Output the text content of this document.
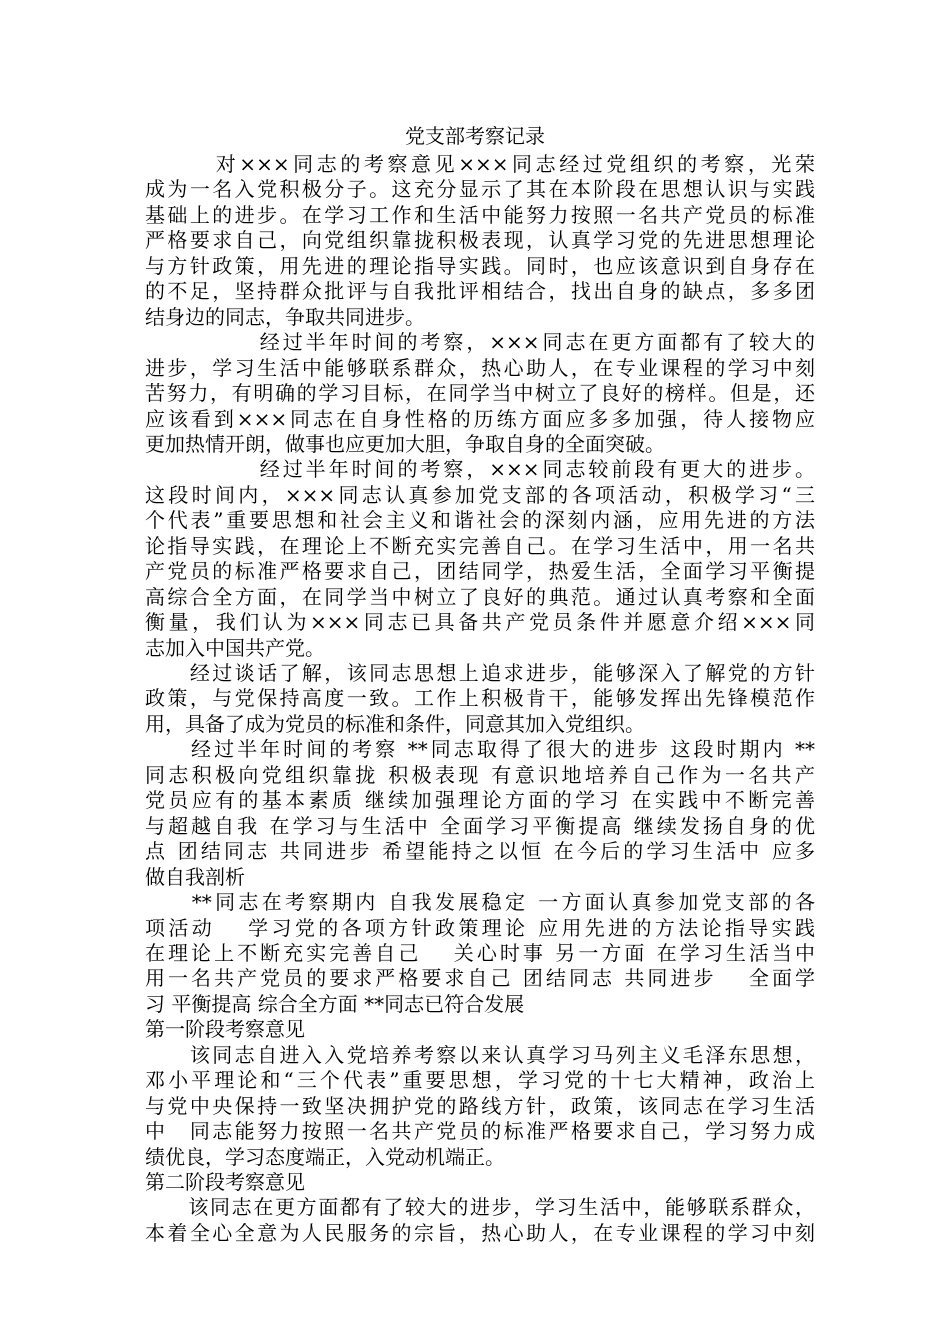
党支部考察记录
　　　对×××同志的考察意见×××同志经过党组织的考察，光荣
成为一名入党积极分子。这充分显示了其在本阶段在思想认识与实践
基础上的进步。在学习工作和生活中能努力按照一名共产党员的标准
严格要求自己，向党组织靠拢积极表现，认真学习党的先进思想理论
与方针政策，用先进的理论指导实践。同时，也应该意识到自身存在
的不足，坚持群众批评与自我批评相结合，找出自身的缺点，多多团
结身边的同志，争取共同进步。
　　　　　经过半年时间的考察，×××同志在更方面都有了较大的
进步，学习生活中能够联系群众，热心助人，在专业课程的学习中刻
苦努力，有明确的学习目标，在同学当中树立了良好的榜样。但是，还
应该看到×××同志在自身性格的历练方面应多多加强，待人接物应
更加热情开朗，做事也应更加大胆，争取自身的全面突破。
　　　　　经过半年时间的考察，×××同志较前段有更大的进步。
这段时间内，×××同志认真参加党支部的各项活动，积极学习“三
个代表”重要思想和社会主义和谐社会的深刻内涵，应用先进的方法
论指导实践，在理论上不断充实完善自己。在学习生活中，用一名共
产党员的标准严格要求自己，团结同学，热爱生活，全面学习平衡提
高综合全方面，在同学当中树立了良好的典范。通过认真考察和全面
衡量，我们认为×××同志已具备共产党员条件并愿意介绍×××同
志加入中国共产党。
　　经过谈话了解，该同志思想上追求进步，能够深入了解党的方针
政策，与党保持高度一致。工作上积极肯干，能够发挥出先锋模范作
用，具备了成为党员的标准和条件，同意其加入党组织。
　　经过半年时间的考察 **同志取得了很大的进步 这段时期内 **
同志积极向党组织靠拢 积极表现 有意识地培养自己作为一名共产
党员应有的基本素质 继续加强理论方面的学习 在实践中不断完善
与超越自我 在学习与生活中 全面学习平衡提高 继续发扬自身的优
点 团结同志 共同进步 希望能持之以恒 在今后的学习生活中 应多
做自我剖析
　　**同志在考察期内 自我发展稳定 一方面认真参加党支部的各
项活动　 学习党的各项方针政策理论 应用先进的方法论指导实践
在理论上不断充实完善自己　 关心时事 另一方面 在学习生活当中
用一名共产党员的要求严格要求自己 团结同志 共同进步　 全面学
习 平衡提高 综合全方面 **同志已符合发展
第一阶段考察意见
　　该同志自进入入党培养考察以来认真学习马列主义毛泽东思想，
邓小平理论和“三个代表”重要思想，学习党的十七大精神，政治上
与党中央保持一致坚决拥护党的路线方针，政策，该同志在学习生活
中　同志能努力按照一名共产党员的标准严格要求自己，学习努力成
绩优良，学习态度端正，入党动机端正。
第二阶段考察意见
　　该同志在更方面都有了较大的进步，学习生活中，能够联系群众，
本着全心全意为人民服务的宗旨，热心助人，在专业课程的学习中刻
